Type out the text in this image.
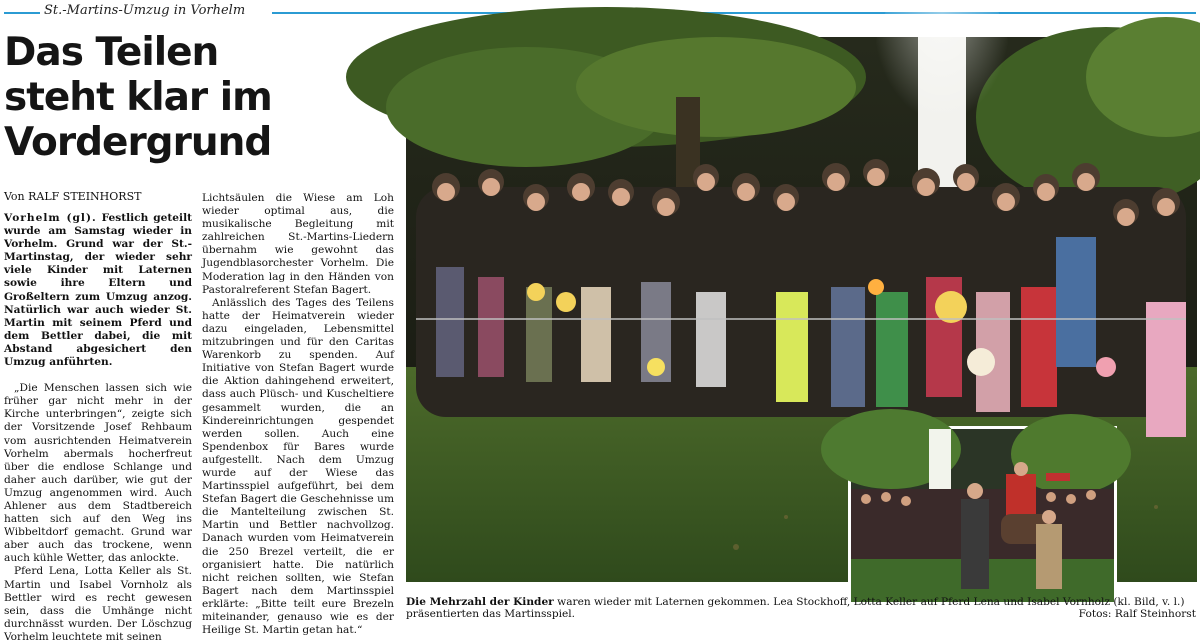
St.-Martins-Umzug in Vorhelm
Das Teilen
steht klar im
Vordergrund
Von RALF STEINHORST

Vorhelm (gl). Festlich geteilt wurde am Samstag wieder in Vorhelm. Grund war der St.-Martinstag, der wieder sehr viele Kinder mit Laternen sowie ihre Eltern und Großeltern zum Umzug anzog. Natürlich war auch wieder St. Martin mit seinem Pferd und dem Bettler dabei, die mit Abstand abgesichert den Umzug anführten.

„Die Menschen lassen sich wie früher gar nicht mehr in der Kirche unterbringen“, zeigte sich der Vorsitzende Josef Rehbaum vom ausrichtenden Heimatverein Vorhelm abermals hocherfreut über die endlose Schlange und daher auch darüber, wie gut der Umzug angenommen wird. Auch Ahlener aus dem Stadtbereich hatten sich auf den Weg ins Wibbeltdorf gemacht. Grund war aber auch das trockene, wenn auch kühle Wetter, das anlockte.

Pferd Lena, Lotta Keller als St. Martin und Isabel Vornholz als Bettler wird es recht gewesen sein, dass die Umhänge nicht durchnässt wurden. Der Löschzug Vorhelm leuchtete mit seinen

Lichtsäulen die Wiese am Loh wieder optimal aus, die musikalische Begleitung mit zahlreichen St.-Martins-Liedern übernahm wie gewohnt das Jugendblasorchester Vorhelm. Die Moderation lag in den Händen von Pastoralreferent Stefan Bagert.

Anlässlich des Tages des Teilens hatte der Heimatverein wieder dazu eingeladen, Lebensmittel mitzubringen und für den Caritas Warenkorb zu spenden. Auf Initiative von Stefan Bagert wurde die Aktion dahingehend erweitert, dass auch Plüsch- und Kuscheltiere gesammelt wurden, die an Kindereinrichtungen gespendet werden sollen. Auch eine Spendenbox für Bares wurde aufgestellt. Nach dem Umzug wurde auf der Wiese das Martinsspiel aufgeführt, bei dem Stefan Bagert die Geschehnisse um die Mantelteilung zwischen St. Martin und Bettler nachvollzog. Danach wurden vom Heimatverein die 250 Brezel verteilt, die er organisiert hatte. Die natürlich nicht reichen sollten, wie Stefan Bagert nach dem Martinsspiel erklärte: „Bitte teilt eure Brezeln miteinander, genauso wie es der Heilige St. Martin getan hat.“

Die Mehrzahl der Kinder waren wieder mit Laternen gekommen. Lea Stockhoff, Lotta Keller auf Pferd Lena und Isabel Vornholz (kl. Bild, v. l.) präsentierten das Martinsspiel.	Fotos: Ralf Steinhorst
